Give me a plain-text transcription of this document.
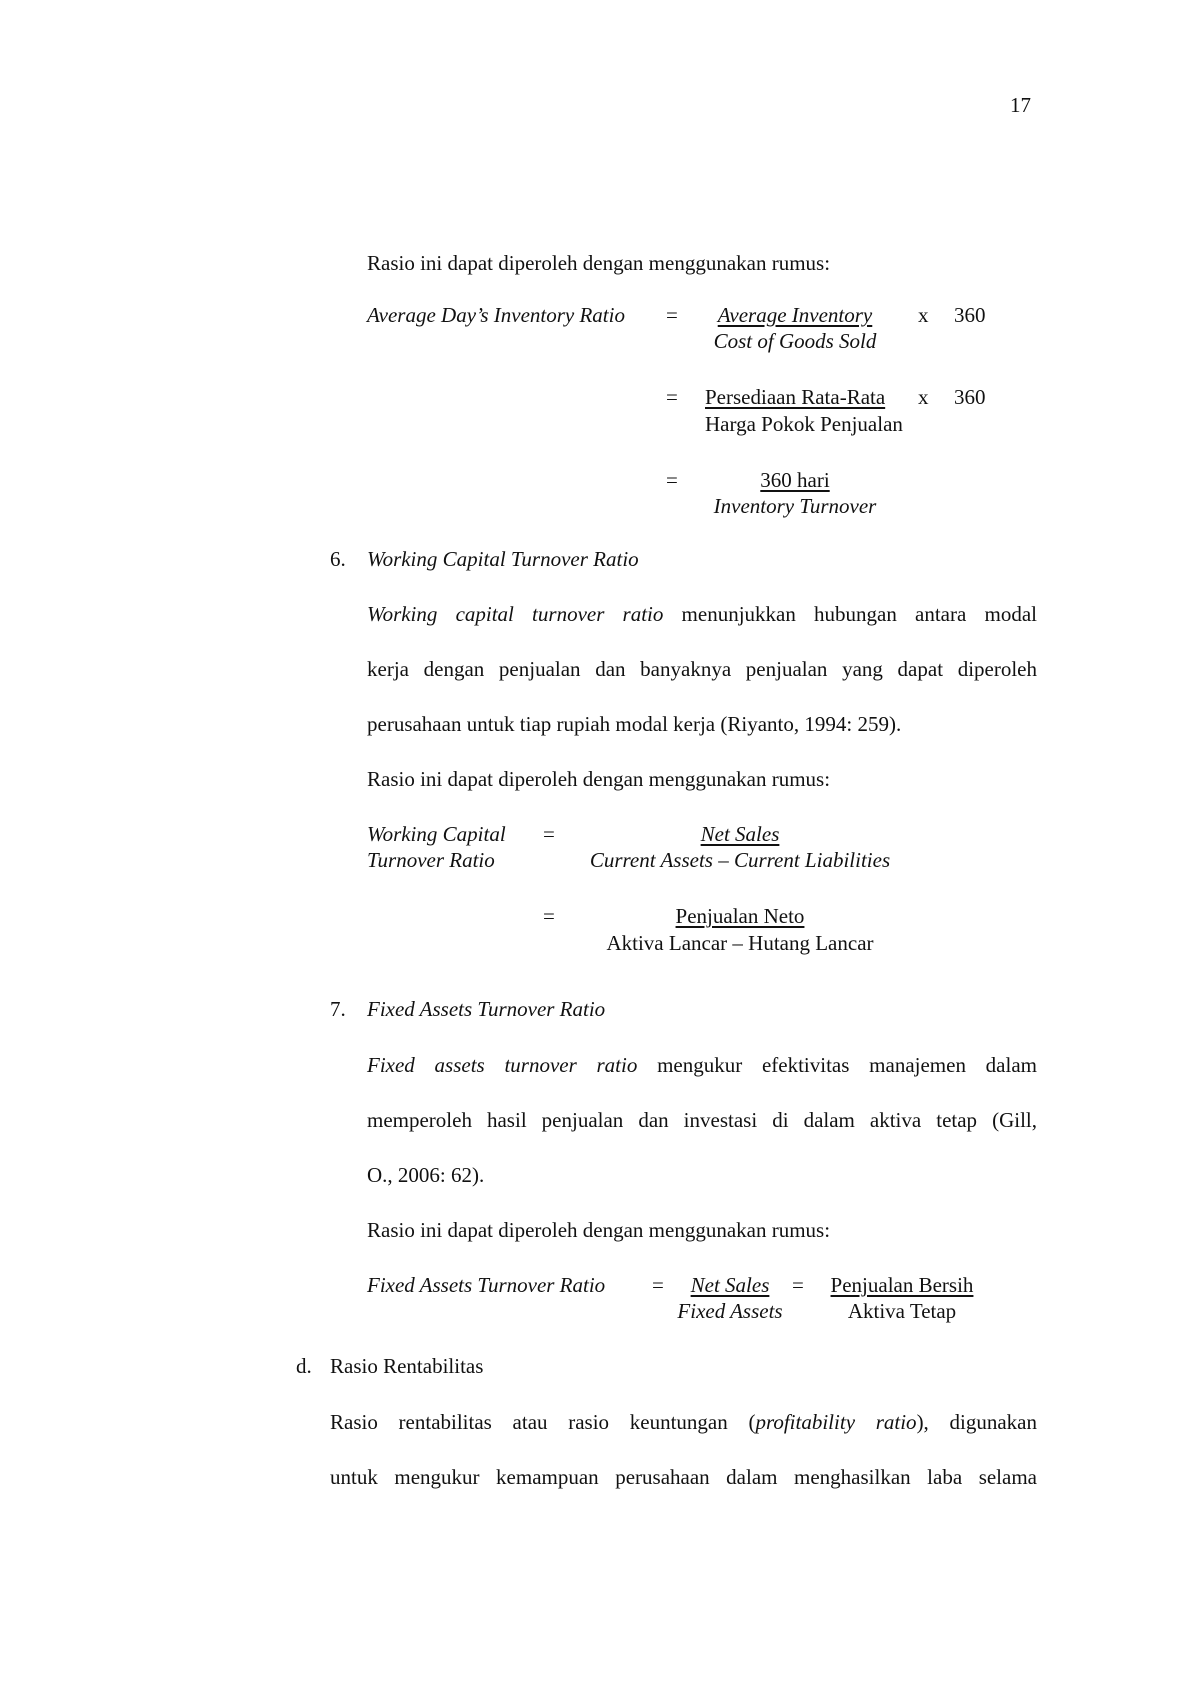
17
Rasio ini dapat diperoleh dengan menggunakan rumus:
Average Day’s Inventory Ratio =	Average Inventory
Cost of Goods Sold
x 360
= Persediaan Rata-Rata
Harga Pokok Penjualan
x 360
=	360 hari
Inventory Turnover
6. Working Capital Turnover Ratio
Working capital turnover ratio menunjukkan hubungan antara modal
kerja dengan penjualan dan banyaknya penjualan yang dapat diperoleh
perusahaan untuk tiap rupiah modal kerja (Riyanto, 1994: 259).
Rasio ini dapat diperoleh dengan menggunakan rumus:
Working Capital
Turnover Ratio
=	Net Sales
Current Assets – Current Liabilities
=	Penjualan Neto
Aktiva Lancar – Hutang Lancar
7. Fixed Assets Turnover Ratio
Fixed assets turnover ratio mengukur efektivitas manajemen dalam
memperoleh hasil penjualan dan investasi di dalam aktiva tetap (Gill,
O., 2006: 62).
Rasio ini dapat diperoleh dengan menggunakan rumus:
Fixed Assets Turnover Ratio =	Net Sales
Fixed Assets
=	Penjualan Bersih
Aktiva Tetap
d. Rasio Rentabilitas
Rasio rentabilitas atau rasio keuntungan (profitability ratio), digunakan
untuk mengukur kemampuan perusahaan dalam menghasilkan laba selama
